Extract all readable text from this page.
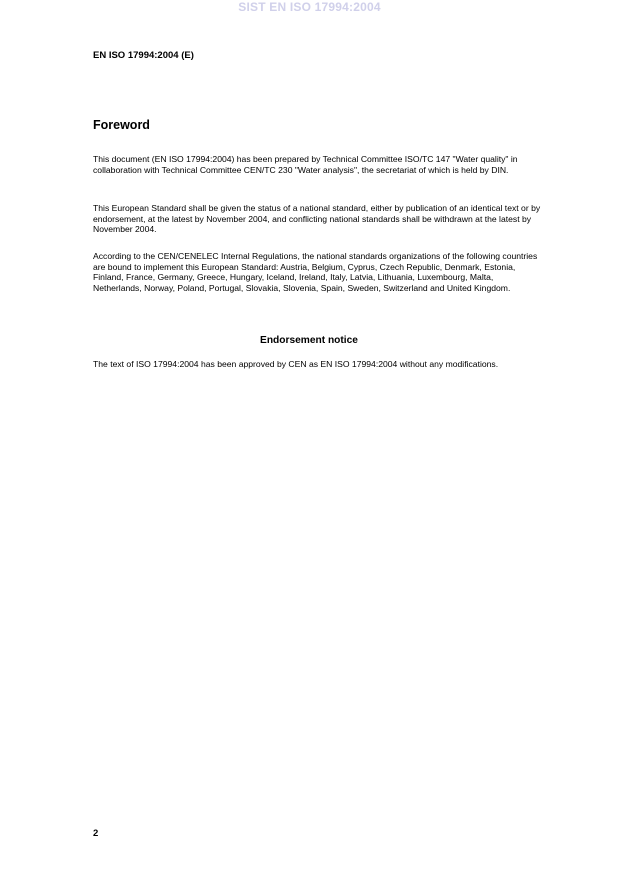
SIST EN ISO 17994:2004
EN ISO 17994:2004 (E)
Foreword

This document (EN ISO 17994:2004) has been prepared by Technical Committee ISO/TC 147 "Water quality" in collaboration with Technical Committee CEN/TC 230 "Water analysis", the secretariat of which is held by DIN.

This European Standard shall be given the status of a national standard, either by publication of an identical text or by endorsement, at the latest by November 2004, and conflicting national standards shall be withdrawn at the latest by November 2004.

According to the CEN/CENELEC Internal Regulations, the national standards organizations of the following countries are bound to implement this European Standard: Austria, Belgium, Cyprus, Czech Republic, Denmark, Estonia, Finland, France, Germany, Greece, Hungary, Iceland, Ireland, Italy, Latvia, Lithuania, Luxembourg, Malta, Netherlands, Norway, Poland, Portugal, Slovakia, Slovenia, Spain, Sweden, Switzerland and United Kingdom.

Endorsement notice

The text of ISO 17994:2004 has been approved by CEN as EN ISO 17994:2004 without any modifications.

2
